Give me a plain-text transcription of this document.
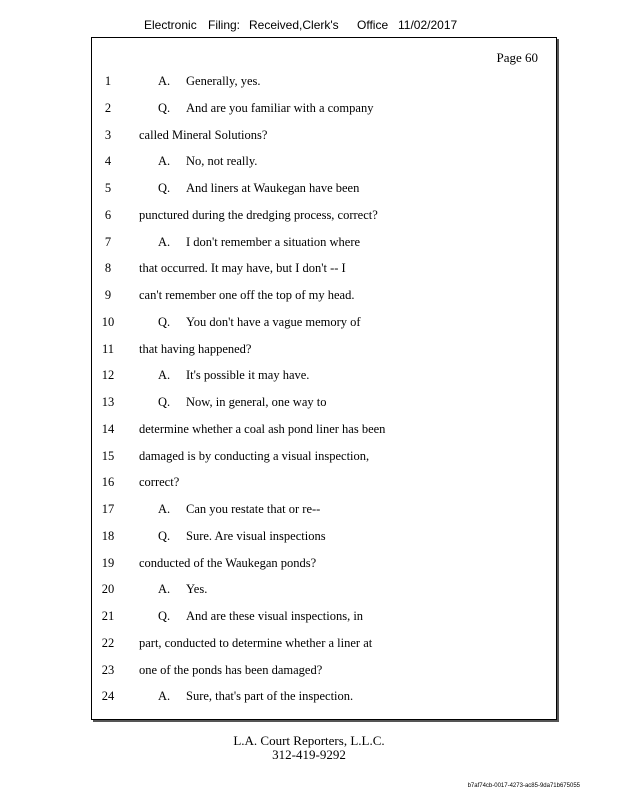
Electronic Filing: Received,Clerk's Office 11/02/2017
Page 60
1	A. Generally, yes.
2	Q. And are you familiar with a company
3	called Mineral Solutions?
4	A. No, not really.
5	Q. And liners at Waukegan have been
6	punctured during the dredging process, correct?
7	A. I don't remember a situation where
8	that occurred. It may have, but I don't -- I
9	can't remember one off the top of my head.
10	Q. You don't have a vague memory of
11 that having happened?
12	A. It's possible it may have.
13	Q. Now, in general, one way to
14 determine whether a coal ash pond liner has been
15 damaged is by conducting a visual inspection,
16 correct?
17	A. Can you restate that or re--
18	Q. Sure. Are visual inspections
19 conducted of the Waukegan ponds?
20	A. Yes.
21	Q. And are these visual inspections, in
22 part, conducted to determine whether a liner at
23 one of the ponds has been damaged?
24	A. Sure, that's part of the inspection.
L.A. Court Reporters, L.L.C.
312-419-9292
b7af74cb-0017-4273-ac85-9da71b675055
